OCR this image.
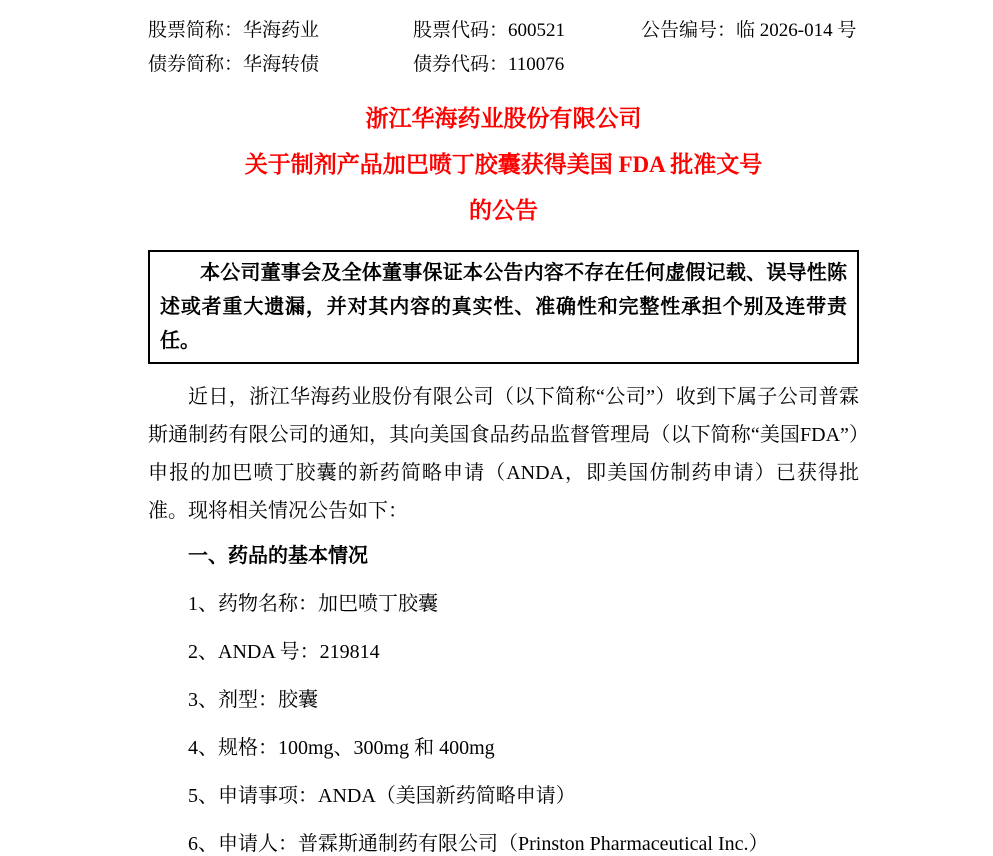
股票简称：华海药业	股票代码：600521	公告编号：临 2026-014 号
债券简称：华海转债	债券代码：110076
浙江华海药业股份有限公司
关于制剂产品加巴喷丁胶囊获得美国 FDA 批准文号
的公告
本公司董事会及全体董事保证本公告内容不存在任何虚假记载、误导性陈述或者重大遗漏，并对其内容的真实性、准确性和完整性承担个别及连带责任。

近日，浙江华海药业股份有限公司（以下简称“公司”）收到下属子公司普霖斯通制药有限公司的通知，其向美国食品药品监督管理局（以下简称“美国FDA”）申报的加巴喷丁胶囊的新药简略申请（ANDA，即美国仿制药申请）已获得批准。现将相关情况公告如下：

一、药品的基本情况
1、药物名称：加巴喷丁胶囊
2、ANDA 号：219814
3、剂型：胶囊
4、规格：100mg、300mg 和 400mg
5、申请事项：ANDA（美国新药简略申请）
6、申请人：普霖斯通制药有限公司（Prinston Pharmaceutical Inc.）
